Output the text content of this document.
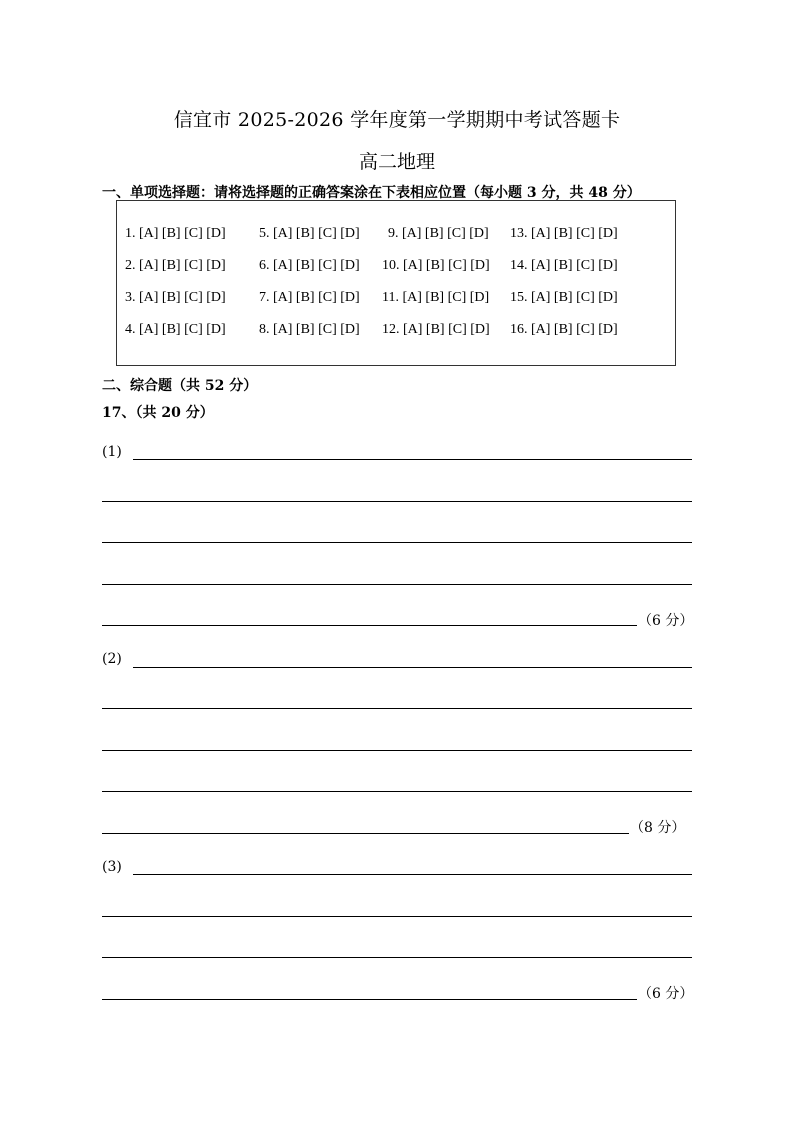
信宜市 2025-2026 学年度第一学期期中考试答题卡
高二地理
一、单项选择题：请将选择题的正确答案涂在下表相应位置（每小题 3 分，共 48 分）
1. [A] [B] [C] [D] 5. [A] [B] [C] [D] 9. [A] [B] [C] [D] 13. [A] [B] [C] [D]
2. [A] [B] [C] [D] 6. [A] [B] [C] [D] 10. [A] [B] [C] [D] 14. [A] [B] [C] [D]
3. [A] [B] [C] [D] 7. [A] [B] [C] [D] 11. [A] [B] [C] [D] 15. [A] [B] [C] [D]
4. [A] [B] [C] [D] 8. [A] [B] [C] [D] 12. [A] [B] [C] [D] 16. [A] [B] [C] [D]
二、综合题（共 52 分）
17、（共 20 分）
(1)
（6 分）
(2)
（8 分）
(3)
（6 分）
